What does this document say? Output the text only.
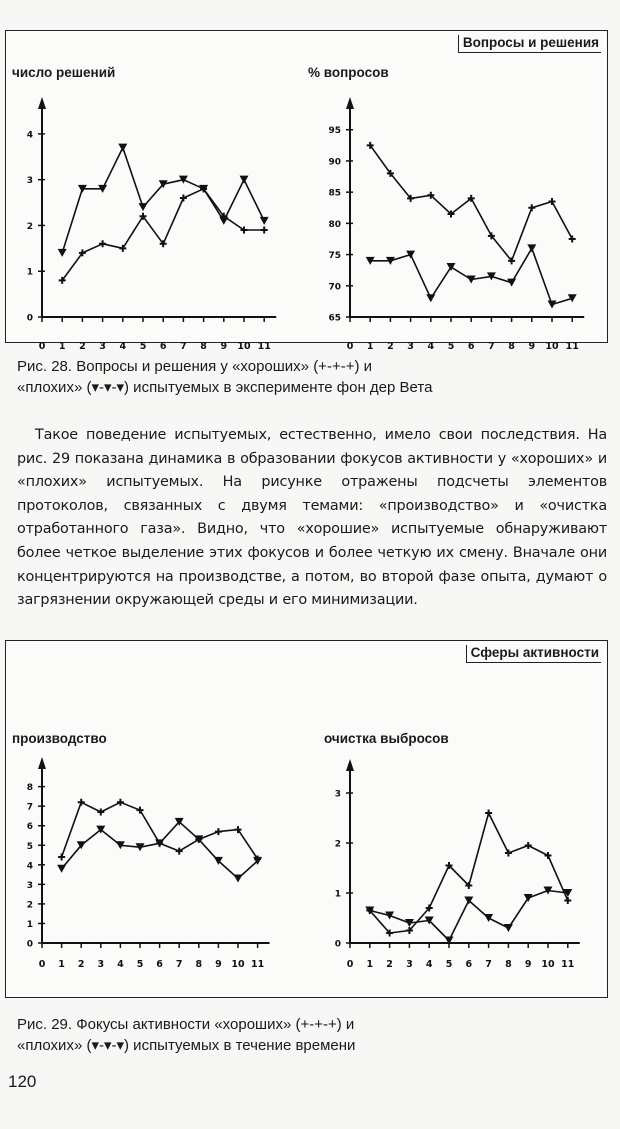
Вопросы и решения
число решений	% вопросов
0
1
2
3
4
0 1 2 3 4 5 6 7 8 9 10 11
65
70
75
80
85
90
95
0 1 2 3 4 5 6 7 8 9 10 11

Рис. 28. Вопросы и решения у «хороших» (+-+-+) и

«плохих» (▾-▾-▾) испытуемых в эксперименте фон дер Вета

Такое поведение испытуемых, естественно, имело свои последствия. На рис. 29 показана динамика в образовании фокусов активности у «хороших» и «плохих» испытуемых. На рисунке отражены подсчеты элементов протоколов, связанных с двумя темами: «производство» и «очистка отработанного газа». Видно, что «хорошие» испытуемые обнаруживают более четкое выделение этих фокусов и более четкую их смену. Вначале они концентрируются на производстве, а потом, во второй фазе опыта, думают о загрязнении окружающей среды и его минимизации.

Сферы активности
производство	очистка выбросов
0
1
2
3
4
5
6
7
8
0 1 2 3 4 5 6 7 8 9 10 11
0
1
2
3
0 1 2 3 4 5 6 7 8 9 10 11

Рис. 29. Фокусы активности «хороших» (+-+-+) и

«плохих» (▾-▾-▾) испытуемых в течение времени

120
